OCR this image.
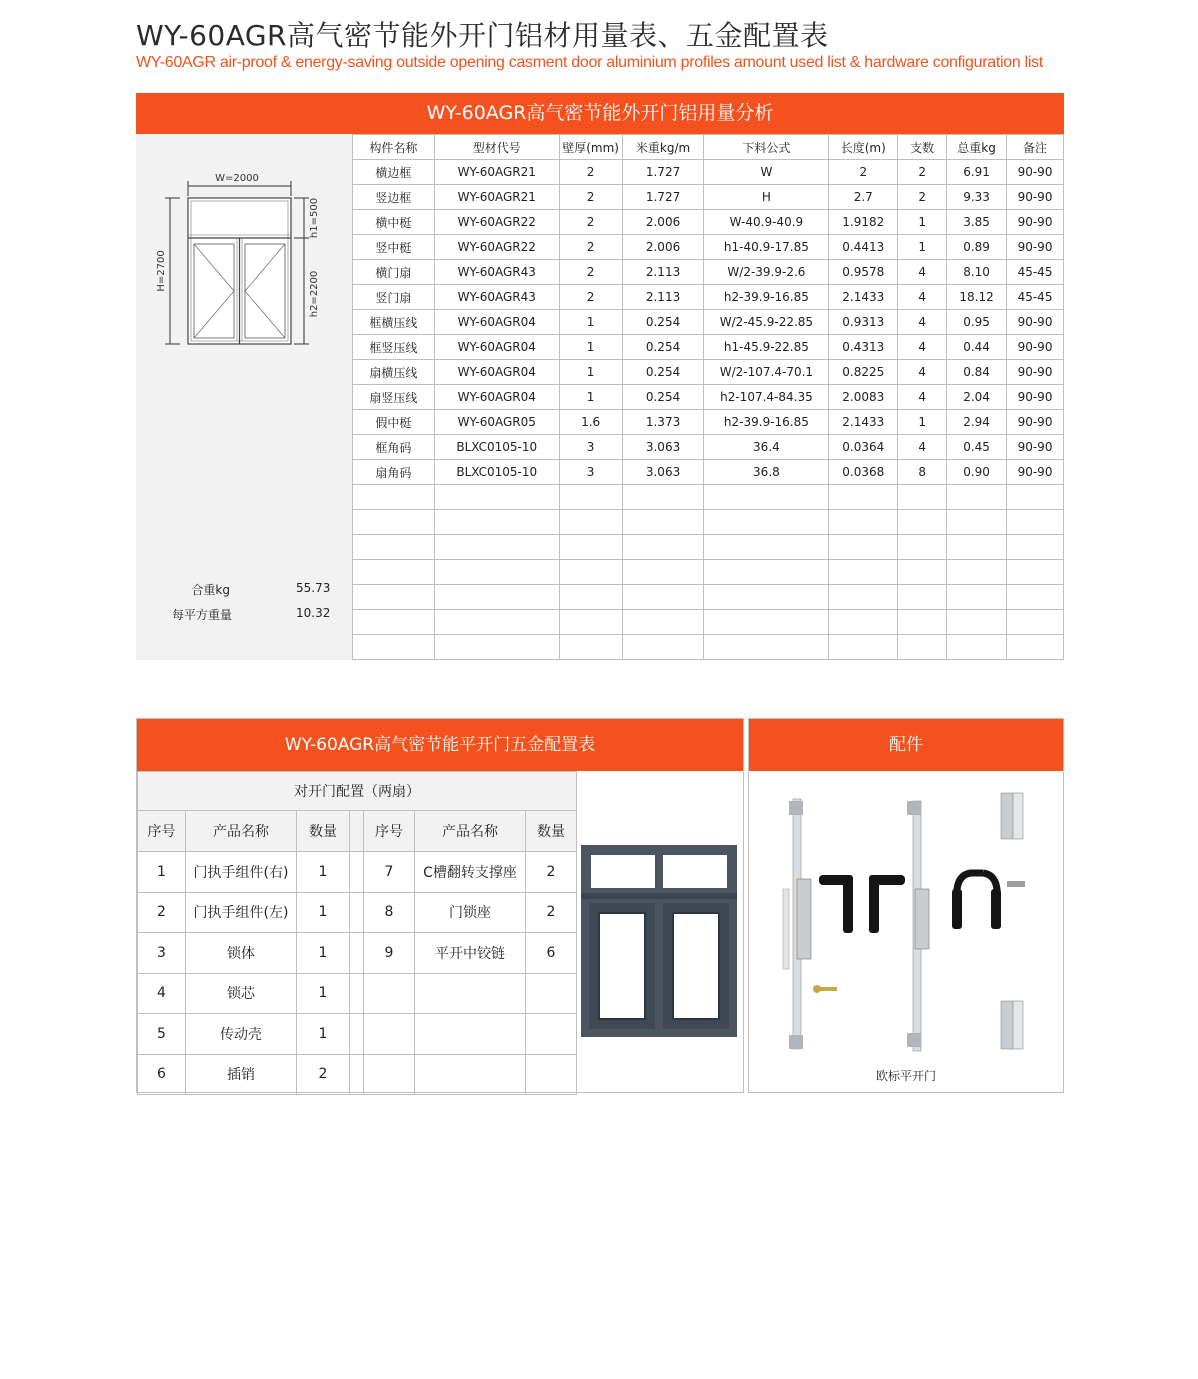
WY-60AGR高气密节能外开门铝材用量表、五金配置表
WY-60AGR air-proof & energy-saving outside opening casment door aluminium profiles amount used list & hardware configuration list
WY-60AGR高气密节能外开门铝用量分析
W=2000
H=2700
h1=500
h2=2200
合重kg	55.73
每平方重量	10.32
构件名称	型材代号	壁厚(mm)	米重kg/m	下料公式	长度(m)	支数	总重kg	备注
横边框	WY-60AGR21	2	1.727	W	2	2	6.91	90-90
竖边框	WY-60AGR21	2	1.727	H	2.7	2	9.33	90-90
横中梃	WY-60AGR22	2	2.006	W-40.9-40.9	1.9182	1	3.85	90-90
竖中梃	WY-60AGR22	2	2.006	h1-40.9-17.85	0.4413	1	0.89	90-90
横门扇	WY-60AGR43	2	2.113	W/2-39.9-2.6	0.9578	4	8.10	45-45
竖门扇	WY-60AGR43	2	2.113	h2-39.9-16.85	2.1433	4	18.12	45-45
框横压线	WY-60AGR04	1	0.254	W/2-45.9-22.85	0.9313	4	0.95	90-90
框竖压线	WY-60AGR04	1	0.254	h1-45.9-22.85	0.4313	4	0.44	90-90
扇横压线	WY-60AGR04	1	0.254	W/2-107.4-70.1	0.8225	4	0.84	90-90
扇竖压线	WY-60AGR04	1	0.254	h2-107.4-84.35	2.0083	4	2.04	90-90
假中梃	WY-60AGR05	1.6	1.373	h2-39.9-16.85	2.1433	1	2.94	90-90
框角码	BLXC0105-10	3	3.063	36.4	0.0364	4	0.45	90-90
扇角码	BLXC0105-10	3	3.063	36.8	0.0368	8	0.90	90-90

WY-60AGR高气密节能平开门五金配置表
对开门配置（两扇）						
序号	产品名称	数量		序号	产品名称	数量
1	门执手组件(右)	1		7	C槽翻转支撑座	2
2	门执手组件(左)	1		8	门锁座	2
3	锁体	1		9	平开中铰链	6
4	锁芯	1				
5	传动壳	1				
6	插销	2				
配件
欧标平开门
